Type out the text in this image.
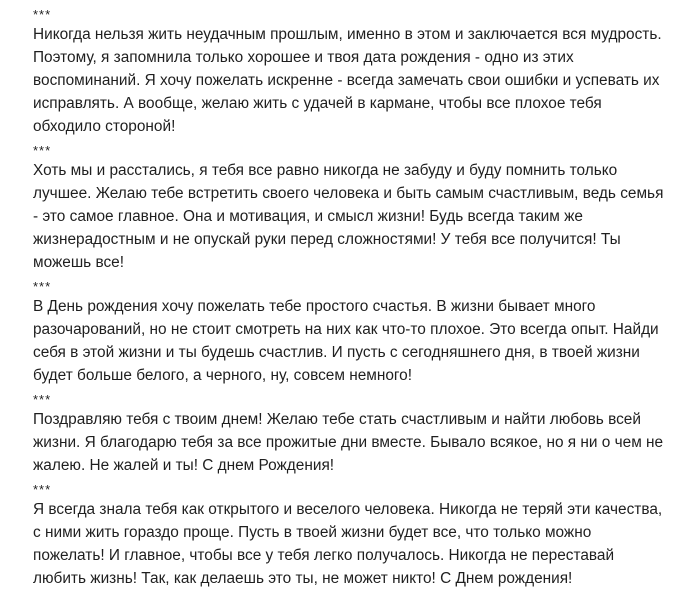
***
Никогда нельзя жить неудачным прошлым, именно в этом и заключается вся мудрость.
Поэтому, я запомнила только хорошее и твоя дата рождения - одно из этих
воспоминаний. Я хочу пожелать искренне - всегда замечать свои ошибки и успевать их
исправлять. А вообще, желаю жить с удачей в кармане, чтобы все плохое тебя
обходило стороной!
***
Хоть мы и расстались, я тебя все равно никогда не забуду и буду помнить только
лучшее. Желаю тебе встретить своего человека и быть самым счастливым, ведь семья
- это самое главное. Она и мотивация, и смысл жизни! Будь всегда таким же
жизнерадостным и не опускай руки перед сложностями! У тебя все получится! Ты
можешь все!
***
В День рождения хочу пожелать тебе простого счастья. В жизни бывает много
разочарований, но не стоит смотреть на них как что-то плохое. Это всегда опыт. Найди
себя в этой жизни и ты будешь счастлив. И пусть с сегодняшнего дня, в твоей жизни
будет больше белого, а черного, ну, совсем немного!
***
Поздравляю тебя с твоим днем! Желаю тебе стать счастливым и найти любовь всей
жизни. Я благодарю тебя за все прожитые дни вместе. Бывало всякое, но я ни о чем не
жалею. Не жалей и ты! С днем Рождения!
***
Я всегда знала тебя как открытого и веселого человека. Никогда не теряй эти качества,
с ними жить гораздо проще. Пусть в твоей жизни будет все, что только можно
пожелать! И главное, чтобы все у тебя легко получалось. Никогда не переставай
любить жизнь! Так, как делаешь это ты, не может никто! С Днем рождения!
